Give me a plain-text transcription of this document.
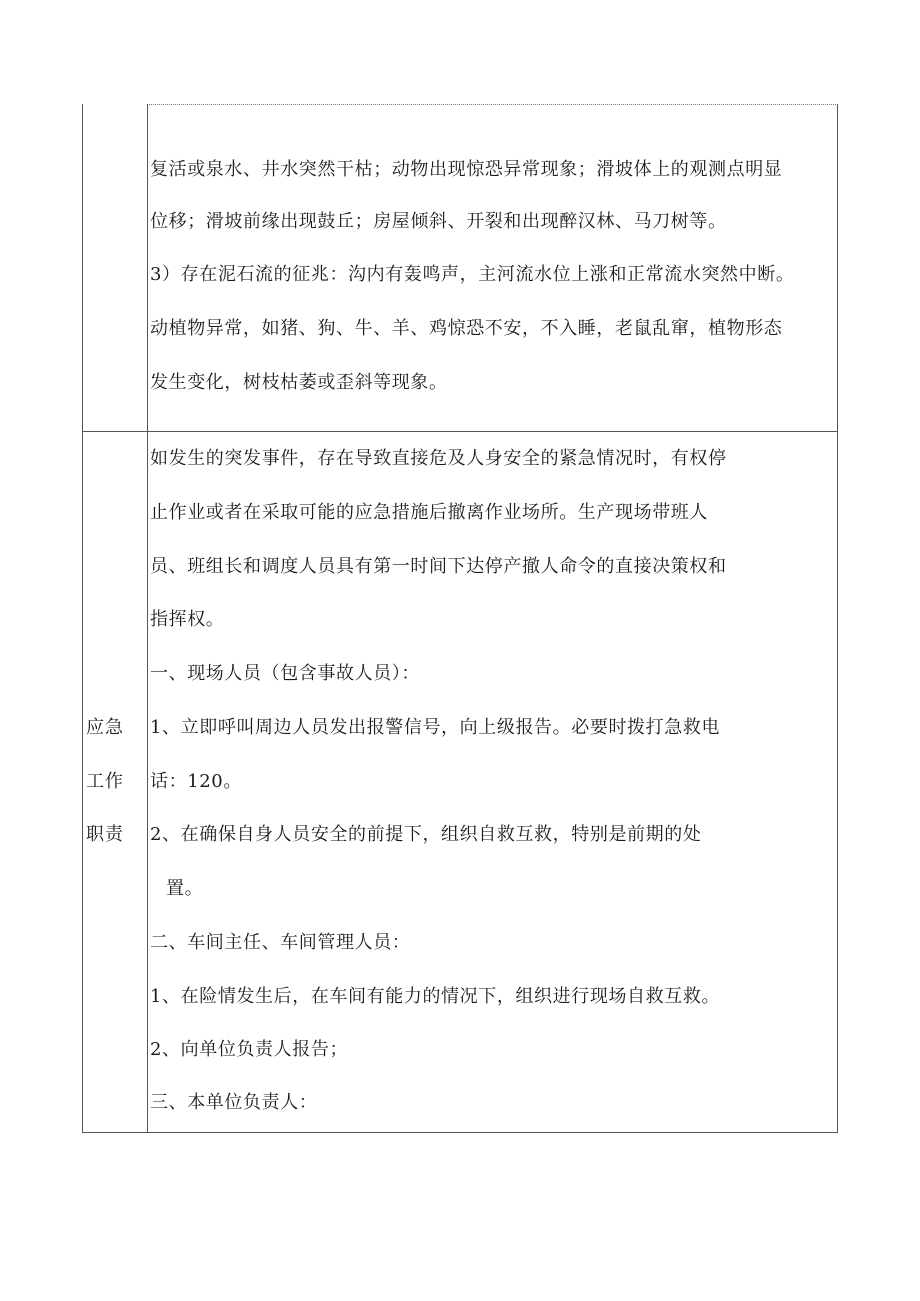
复活或泉水、井水突然干枯；动物出现惊恐异常现象；滑坡体上的观测点明显
位移；滑坡前缘出现鼓丘；房屋倾斜、开裂和出现醉汉林、马刀树等。
3）存在泥石流的征兆：沟内有轰鸣声，主河流水位上涨和正常流水突然中断。
动植物异常，如猪、狗、牛、羊、鸡惊恐不安，不入睡，老鼠乱窜，植物形态
发生变化，树枝枯萎或歪斜等现象。
应急
工作
职责
如发生的突发事件，存在导致直接危及人身安全的紧急情况时，有权停
止作业或者在采取可能的应急措施后撤离作业场所。生产现场带班人
员、班组长和调度人员具有第一时间下达停产撤人命令的直接决策权和
指挥权。
一、现场人员（包含事故人员）：
1、立即呼叫周边人员发出报警信号，向上级报告。必要时拨打急救电
话：120。
2、在确保自身人员安全的前提下，组织自救互救，特别是前期的处
置。
二、车间主任、车间管理人员：
1、在险情发生后，在车间有能力的情况下，组织进行现场自救互救。
2、向单位负责人报告；
三、本单位负责人：
